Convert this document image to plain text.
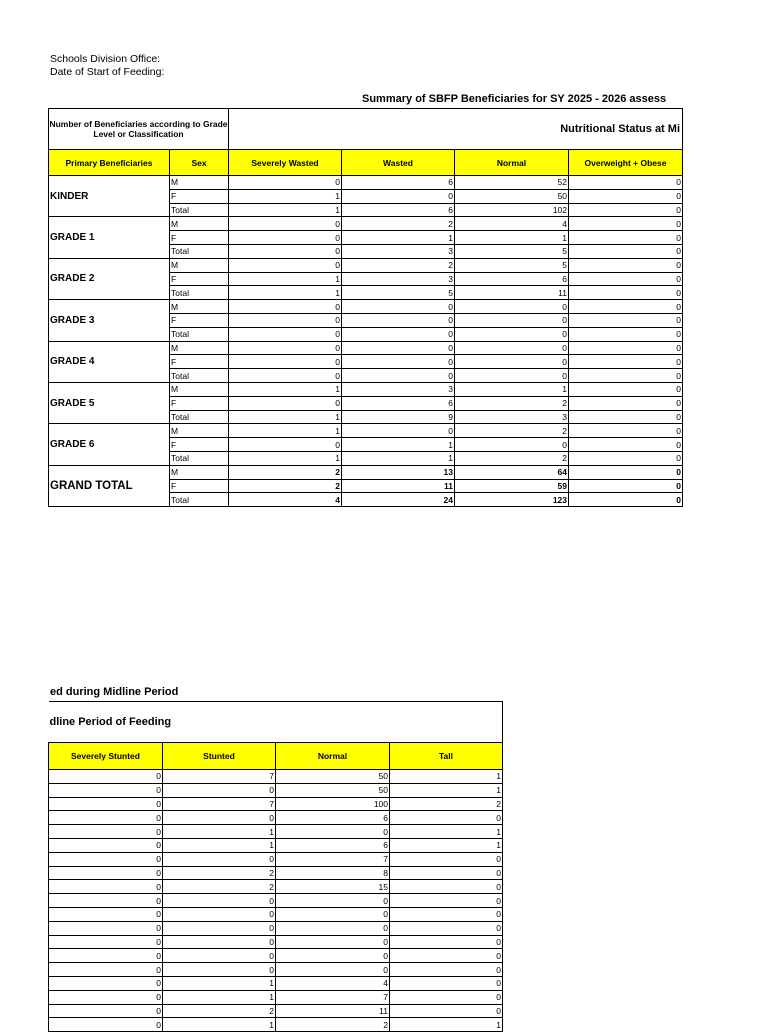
Schools Division Office:
Date of Start of Feeding:
Summary of SBFP Beneficiaries for SY 2025 - 2026 assess
Number of Beneficiaries according to Grade Level or Classification		Nutritional Status at Mi			
Primary Beneficiaries	Sex	Severely Wasted	Wasted	Normal	Overweight + Obese
KINDER	M	0	6	52	0
	F	1	0	50	0
	Total	1	6	102	0
GRADE 1	M	0	2	4	0
	F	0	1	1	0
	Total	0	3	5	0
GRADE 2	M	0	2	5	0
	F	1	3	6	0
	Total	1	5	11	0
GRADE 3	M	0	0	0	0
	F	0	0	0	0
	Total	0	0	0	0
GRADE 4	M	0	0	0	0
	F	0	0	0	0
	Total	0	0	0	0
GRADE 5	M	1	3	1	0
	F	0	6	2	0
	Total	1	9	3	0
GRADE 6	M	1	0	2	0
	F	0	1	0	0
	Total	1	1	2	0
GRAND TOTAL	M	2	13	64	0
	F	2	11	59	0
	Total	4	24	123	0
ed during Midline Period
dline Period of Feeding			
Severely Stunted	Stunted	Normal	Tall
0	7	50	1
0	0	50	1
0	7	100	2
0	0	6	0
0	1	0	1
0	1	6	1
0	0	7	0
0	2	8	0
0	2	15	0
0	0	0	0
0	0	0	0
0	0	0	0
0	0	0	0
0	0	0	0
0	0	0	0
0	1	4	0
0	1	7	0
0	2	11	0
0	1	2	1
